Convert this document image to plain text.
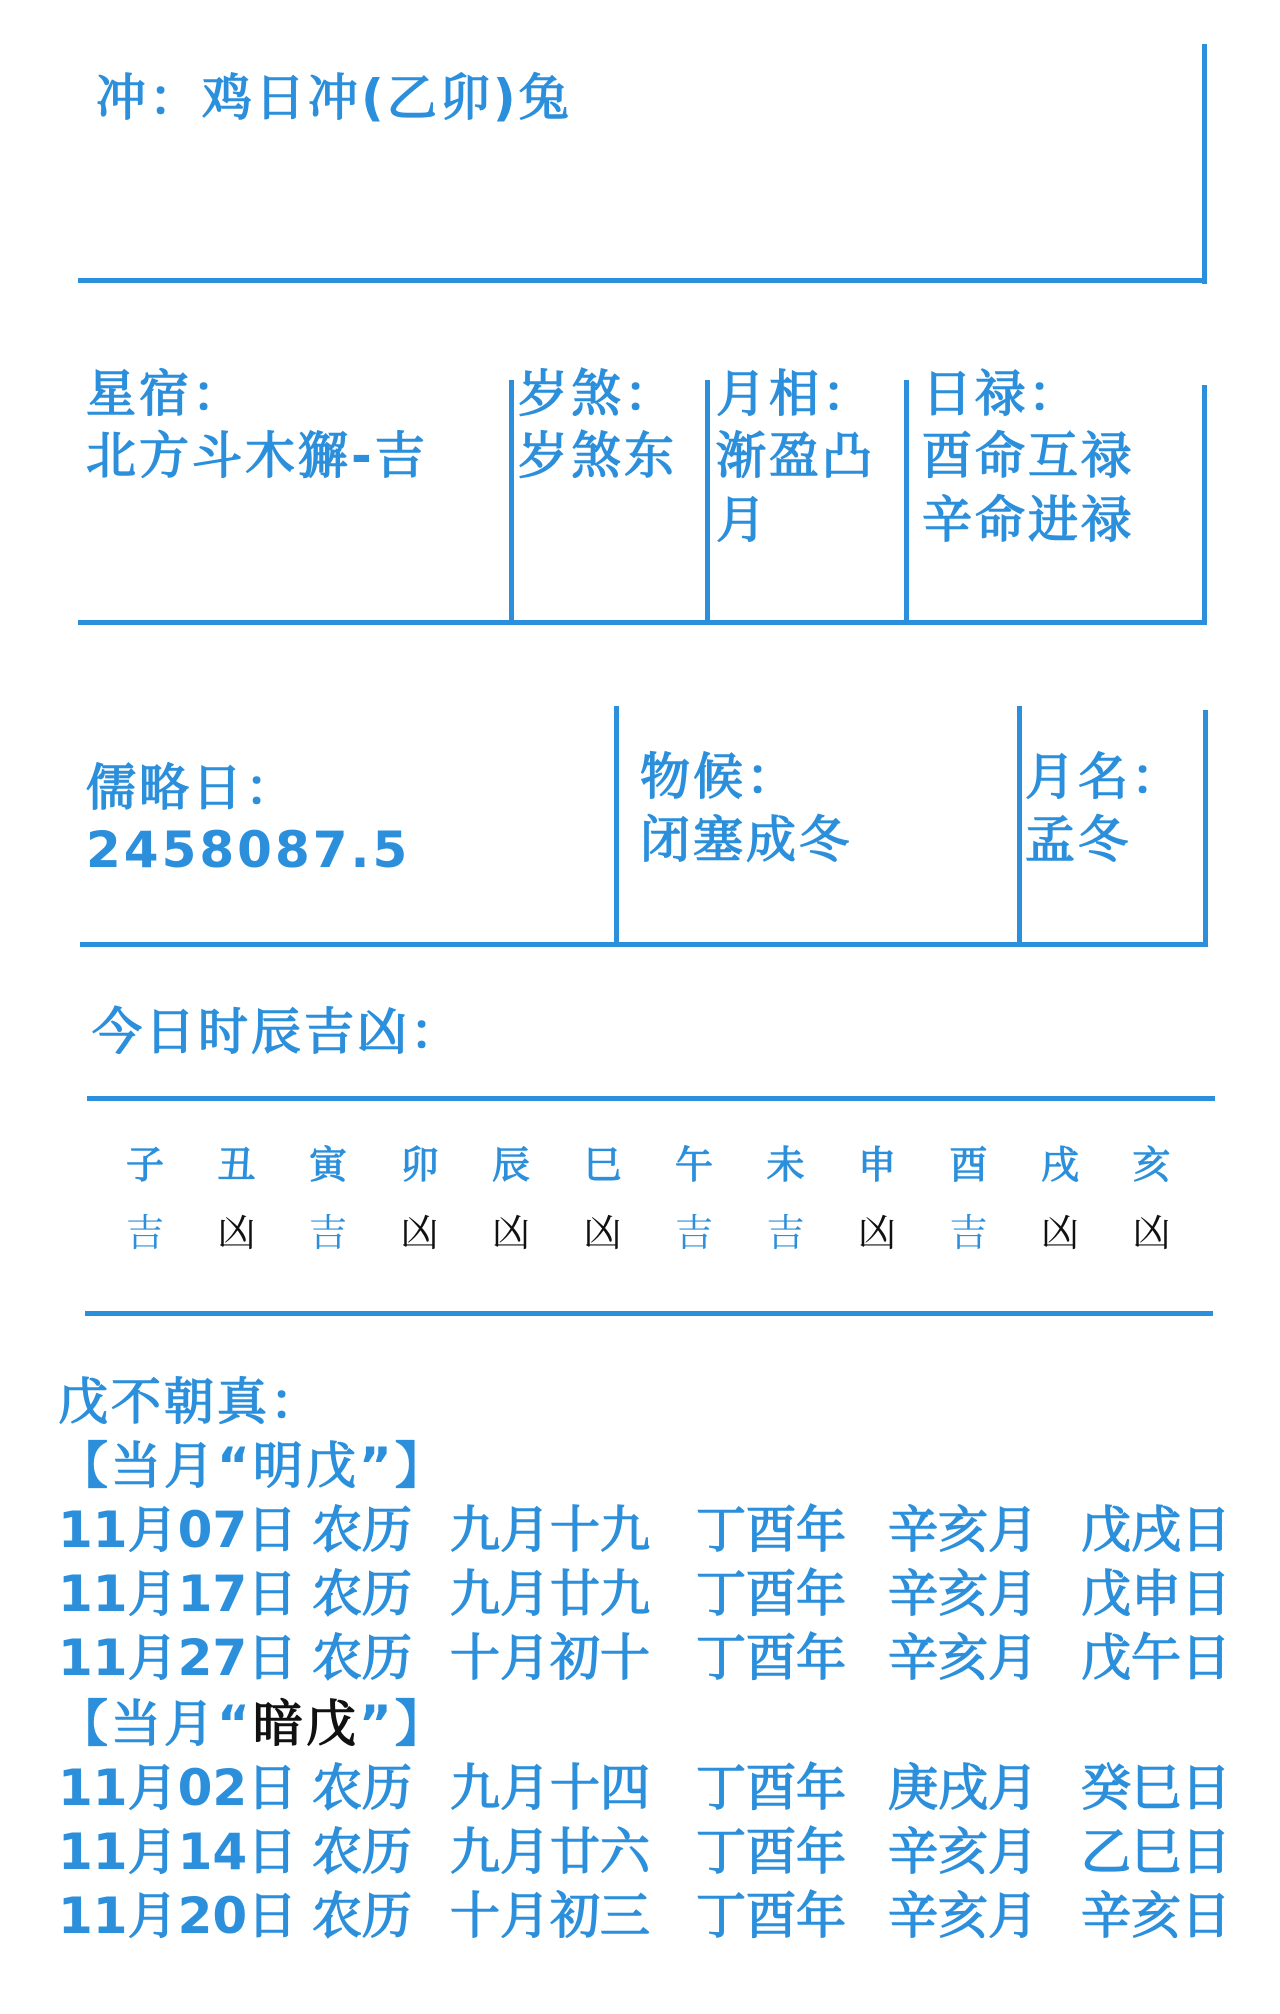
冲：鸡日冲(乙卯)兔
星宿：
北方斗木獬-吉
岁煞：
岁煞东
月相：
渐盈凸
月
日禄：
酉命互禄
辛命进禄
儒略日：
2458087.5
物候：
闭塞成冬
月名：
孟冬
今日时辰吉凶：
子
吉
丑
凶
寅
吉
卯
凶
辰
凶
巳
凶
午
吉
未
吉
申
凶
酉
吉
戌
凶
亥
凶
戊不朝真：
【当月“明戊”】
11月07日 农历 九月十九 丁酉年 辛亥月 戊戌日
11月17日 农历 九月廿九 丁酉年 辛亥月 戊申日
11月27日 农历 十月初十 丁酉年 辛亥月 戊午日
【当月“暗戊”】
11月02日 农历 九月十四 丁酉年 庚戌月 癸巳日
11月14日 农历 九月廿六 丁酉年 辛亥月 乙巳日
11月20日 农历 十月初三 丁酉年 辛亥月 辛亥日
